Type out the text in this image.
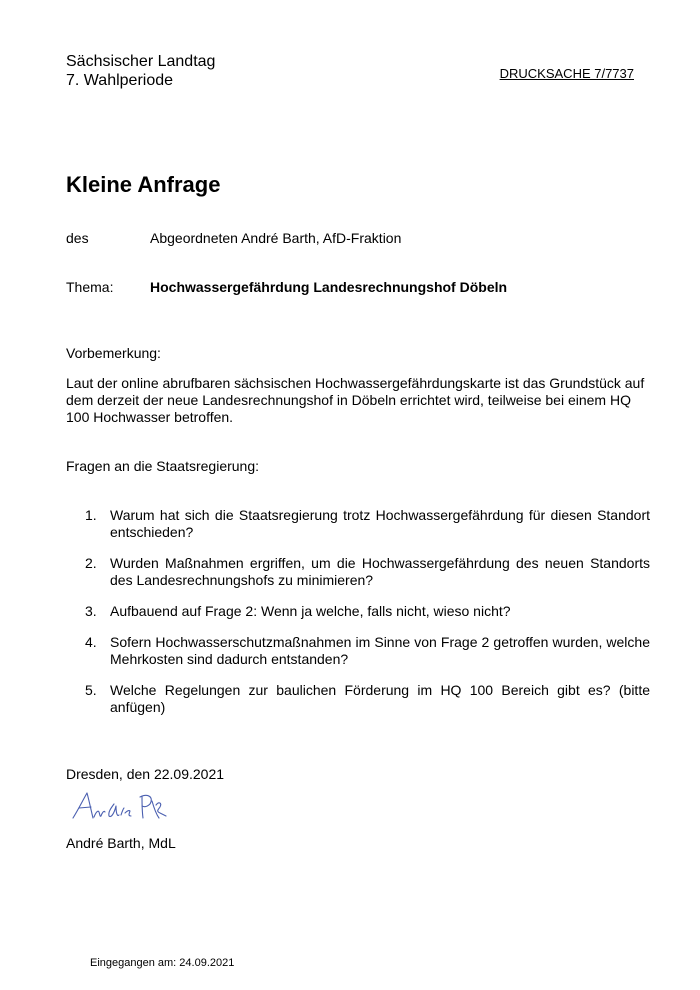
Sächsischer Landtag
7. Wahlperiode	DRUCKSACHE 7/7737
Kleine Anfrage
des	Abgeordneten André Barth, AfD-Fraktion
Thema:	Hochwassergefährdung Landesrechnungshof Döbeln
Vorbemerkung:
Laut der online abrufbaren sächsischen Hochwassergefährdungskarte ist das Grundstück auf dem derzeit der neue Landesrechnungshof in Döbeln errichtet wird, teilweise bei einem HQ 100 Hochwasser betroffen.
Fragen an die Staatsregierung:
1. Warum hat sich die Staatsregierung trotz Hochwassergefährdung für diesen Standort entschieden?
2. Wurden Maßnahmen ergriffen, um die Hochwassergefährdung des neuen Standorts des Landesrechnungshofs zu minimieren?
3. Aufbauend auf Frage 2: Wenn ja welche, falls nicht, wieso nicht?
4. Sofern Hochwasserschutzmaßnahmen im Sinne von Frage 2 getroffen wurden, welche Mehrkosten sind dadurch entstanden?
5. Welche Regelungen zur baulichen Förderung im HQ 100 Bereich gibt es? (bitte anfügen)
Dresden, den 22.09.2021
André Barth, MdL
Eingegangen am: 24.09.2021
